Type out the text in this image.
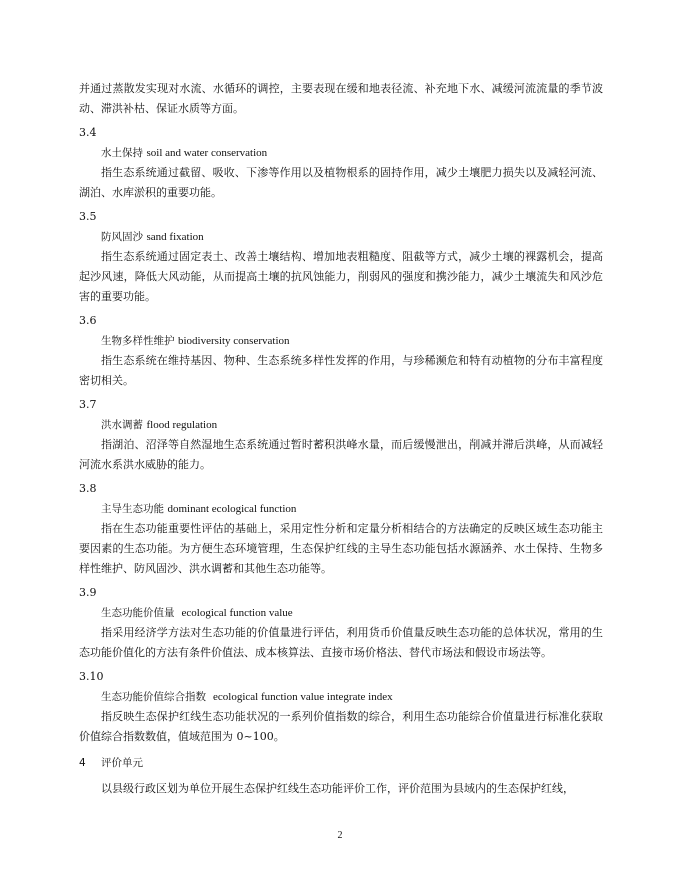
并通过蒸散发实现对水流、水循环的调控，主要表现在缓和地表径流、补充地下水、减缓河流流量的季节波动、滞洪补枯、保证水质等方面。

3.4

水土保持 soil and water conservation

指生态系统通过截留、吸收、下渗等作用以及植物根系的固持作用，减少土壤肥力损失以及减轻河流、湖泊、水库淤积的重要功能。

3.5

防风固沙 sand fixation

指生态系统通过固定表土、改善土壤结构、增加地表粗糙度、阻截等方式，减少土壤的裸露机会，提高起沙风速，降低大风动能，从而提高土壤的抗风蚀能力，削弱风的强度和携沙能力，减少土壤流失和风沙危害的重要功能。

3.6

生物多样性维护 biodiversity conservation

指生态系统在维持基因、物种、生态系统多样性发挥的作用，与珍稀濒危和特有动植物的分布丰富程度密切相关。

3.7

洪水调蓄 flood regulation

指湖泊、沼泽等自然湿地生态系统通过暂时蓄积洪峰水量，而后缓慢泄出，削减并滞后洪峰，从而减轻河流水系洪水威胁的能力。

3.8

主导生态功能 dominant ecological function

指在生态功能重要性评估的基础上，采用定性分析和定量分析相结合的方法确定的反映区域生态功能主要因素的生态功能。为方便生态环境管理，生态保护红线的主导生态功能包括水源涵养、水土保持、生物多样性维护、防风固沙、洪水调蓄和其他生态功能等。

3.9

生态功能价值量 ecological function value

指采用经济学方法对生态功能的价值量进行评估，利用货币价值量反映生态功能的总体状况，常用的生态功能价值化的方法有条件价值法、成本核算法、直接市场价格法、替代市场法和假设市场法等。

3.10

生态功能价值综合指数 ecological function value integrate index

指反映生态保护红线生态功能状况的一系列价值指数的综合，利用生态功能综合价值量进行标准化获取价值综合指数数值，值域范围为 0~100。

4 评价单元

以县级行政区划为单位开展生态保护红线生态功能评价工作，评价范围为县域内的生态保护红线，

2
